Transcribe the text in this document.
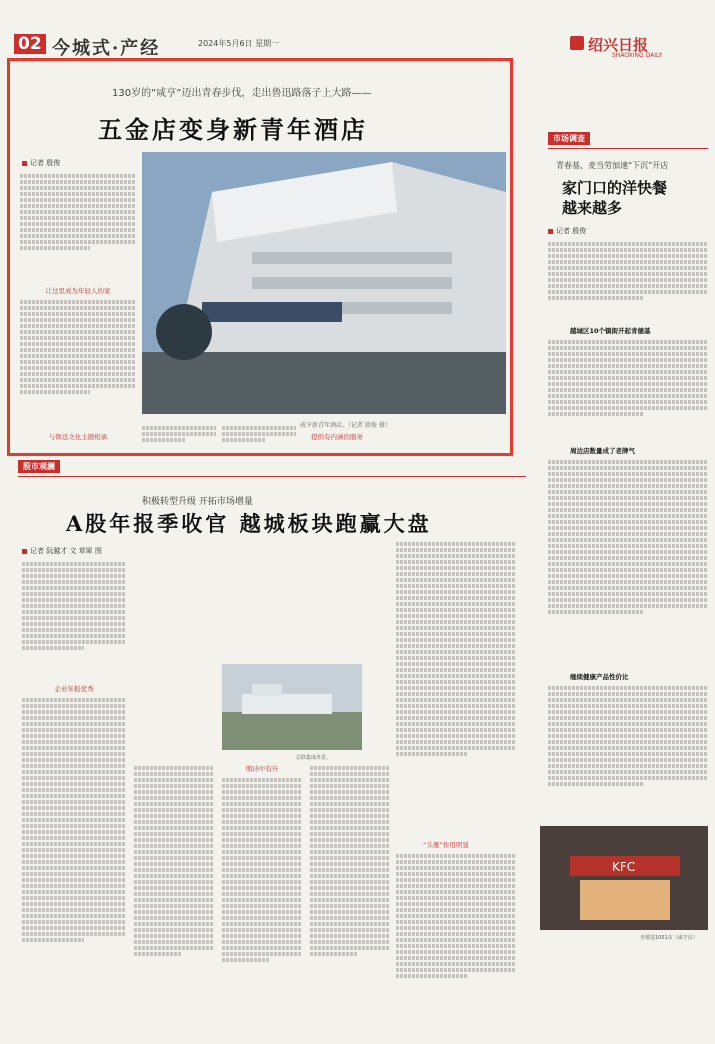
02 今城式·产经	2024年5月6日 星期一	绍兴日报
SHAOXING DAILY
130岁的“咸亨”迈出青春步伐，走出鲁迅路落子上大路——
五金店变身新青年酒店
记者 殷俊
让这里成为年轻人的家
与鲁迅文化主题相承
咸亨新青年酒店。（记者 殷俊 摄）
提供有内涵的服务
市场调查
青春基、麦当劳加速“下沉”开店
家门口的洋快餐
越来越多
记者 殷俊
越城区10个镇街开起肯德基
周边店数量成了老牌气
继续健康产品性价比
KFC
肯德基1051店（咸亨店）
股市观澜
积极转型升级 开拓市场增量
A股年报季收官 越城板块跑赢大盘
记者 阮越才 文 草犀 图
企业年报优秀
芯联集成外景。
期待中有升
“头雁”作用明显
